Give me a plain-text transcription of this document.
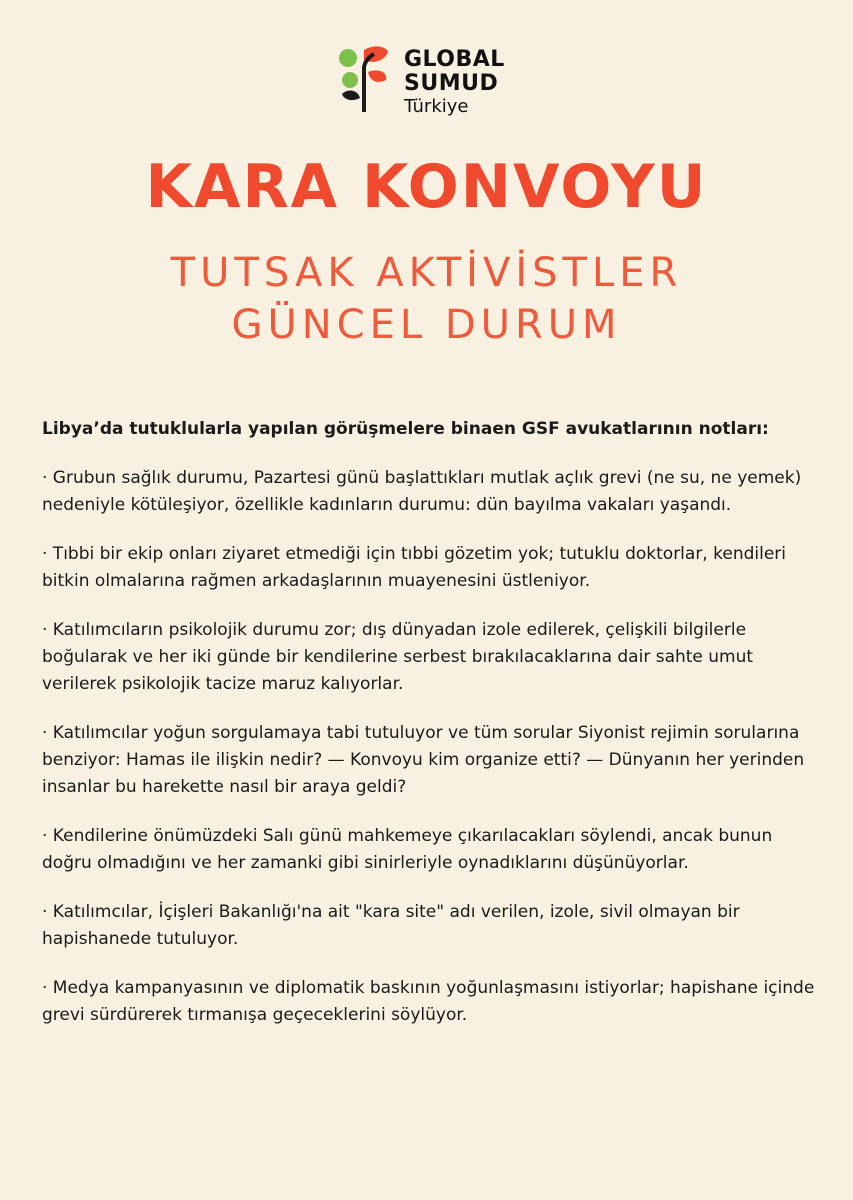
GLOBAL
SUMUD
Türkiye
KARA KONVOYU
TUTSAK AKTİVİSTLER
GÜNCEL DURUM

Libya’da tutuklularla yapılan görüşmelere binaen GSF avukatlarının notları:

· Grubun sağlık durumu, Pazartesi günü başlattıkları mutlak açlık grevi (ne su, ne yemek) nedeniyle kötüleşiyor, özellikle kadınların durumu: dün bayılma vakaları yaşandı.

· Tıbbi bir ekip onları ziyaret etmediği için tıbbi gözetim yok; tutuklu doktorlar, kendileri bitkin olmalarına rağmen arkadaşlarının muayenesini üstleniyor.

· Katılımcıların psikolojik durumu zor; dış dünyadan izole edilerek, çelişkili bilgilerle boğularak ve her iki günde bir kendilerine serbest bırakılacaklarına dair sahte umut verilerek psikolojik tacize maruz kalıyorlar.

· Katılımcılar yoğun sorgulamaya tabi tutuluyor ve tüm sorular Siyonist rejimin sorularına benziyor: Hamas ile ilişkin nedir? — Konvoyu kim organize etti? — Dünyanın her yerinden insanlar bu harekette nasıl bir araya geldi?

· Kendilerine önümüzdeki Salı günü mahkemeye çıkarılacakları söylendi, ancak bunun doğru olmadığını ve her zamanki gibi sinirleriyle oynadıklarını düşünüyorlar.

· Katılımcılar, İçişleri Bakanlığı'na ait "kara site" adı verilen, izole, sivil olmayan bir hapishanede tutuluyor.

· Medya kampanyasının ve diplomatik baskının yoğunlaşmasını istiyorlar; hapishane içinde grevi sürdürerek tırmanışa geçeceklerini söylüyor.
